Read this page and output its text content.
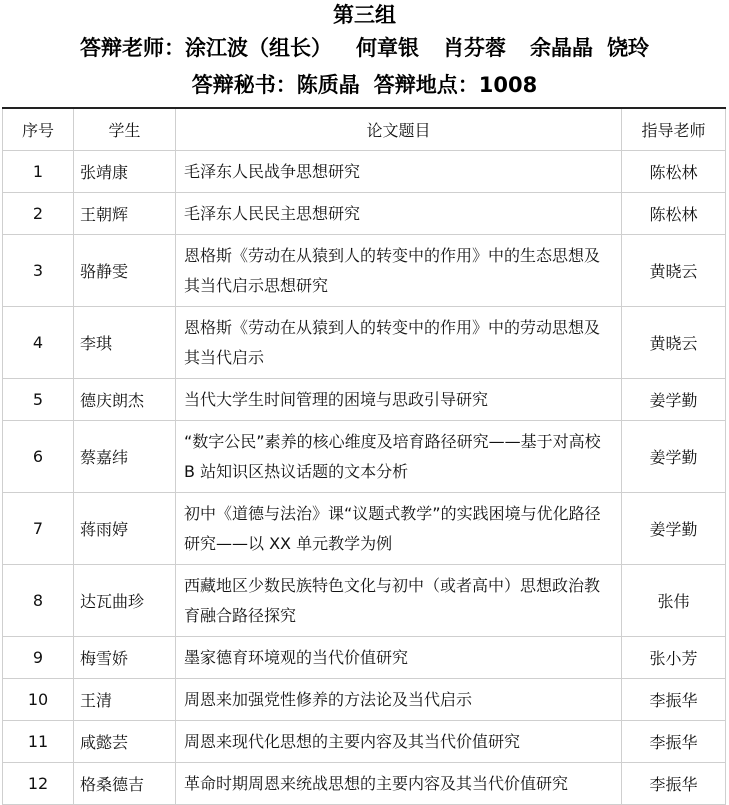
第三组
答辩老师：涂江波（组长） 何章银 肖芬蓉 余晶晶 饶玲
答辩秘书：陈质晶 答辩地点：1008
序号	学生	论文题目	指导老师
1	张靖康	毛泽东人民战争思想研究	陈松林
2	王朝辉	毛泽东人民民主思想研究	陈松林
3	骆静雯	恩格斯《劳动在从猿到人的转变中的作用》中的生态思想及其当代启示思想研究	黄晓云
4	李琪	恩格斯《劳动在从猿到人的转变中的作用》中的劳动思想及其当代启示	黄晓云
5	德庆朗杰	当代大学生时间管理的困境与思政引导研究	姜学勤
6	蔡嘉纬	“数字公民”素养的核心维度及培育路径研究——基于对高校 B 站知识区热议话题的文本分析	姜学勤
7	蒋雨婷	初中《道德与法治》课“议题式教学”的实践困境与优化路径研究——以 XX 单元教学为例	姜学勤
8	达瓦曲珍	西藏地区少数民族特色文化与初中（或者高中）思想政治教育融合路径探究	张伟
9	梅雪娇	墨家德育环境观的当代价值研究	张小芳
10	王清	周恩来加强党性修养的方法论及当代启示	李振华
11	咸懿芸	周恩来现代化思想的主要内容及其当代价值研究	李振华
12	格桑德吉	革命时期周恩来统战思想的主要内容及其当代价值研究	李振华
